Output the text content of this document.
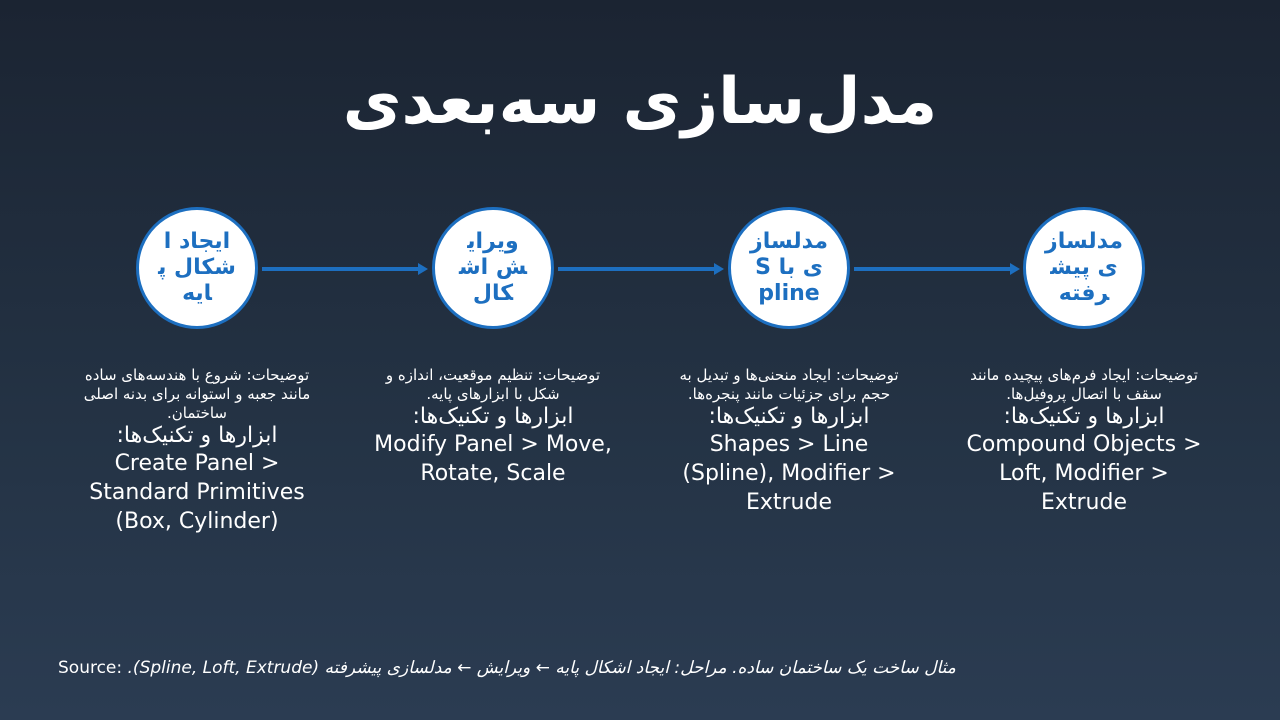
مدل‌سازی سه‌بعدی
ایجاد اشکال پایه
توضیحات: شروع با هندسه‌های ساده مانند جعبه و استوانه برای بدنه اصلی ساختمان.
ابزارها و تکنیک‌ها:
Create Panel > Standard Primitives (Box, Cylinder)
ویرایش اشکال
توضیحات: تنظیم موقعیت، اندازه و شکل با ابزارهای پایه.
ابزارها و تکنیک‌ها:
Modify Panel > Move, Rotate, Scale
مدلسازی با Spline
توضیحات: ایجاد منحنی‌ها و تبدیل به حجم برای جزئیات مانند پنجره‌ها.
ابزارها و تکنیک‌ها:
Shapes > Line (Spline), Modifier > Extrude
مدلسازی پیشرفته
توضیحات: ایجاد فرم‌های پیچیده مانند سقف با اتصال پروفیل‌ها.
ابزارها و تکنیک‌ها:
Compound Objects > Loft, Modifier > Extrude
Source: مثال ساخت یک ساختمان ساده. مراحل: ایجاد اشکال پایه ← ویرایش ← مدلسازی پیشرفته (Spline, Loft, Extrude).
